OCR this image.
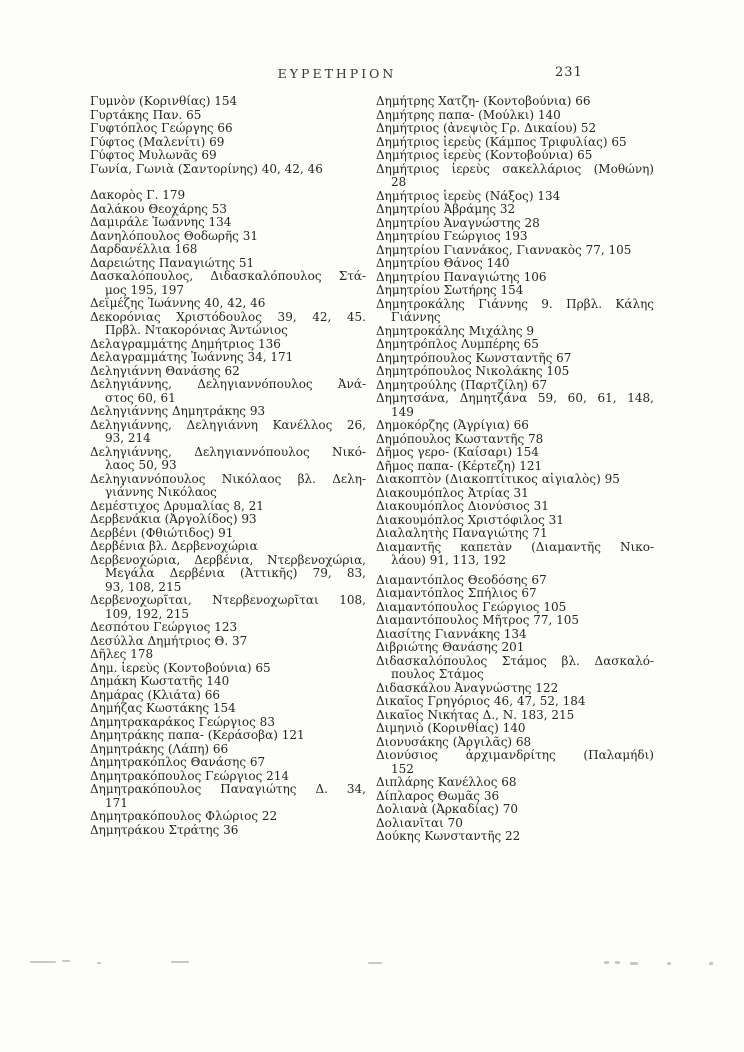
ΕΥΡΕΤΗΡΙΟΝ	231
Γυμνὸν (Κορινθίας) 154
Γυρτάκης Παν. 65
Γυφτόπλος Γεώργης 66
Γύφτος (Μαλενίτι) 69
Γύφτος Μυλωνᾶς 69
Γωνία, Γωνιὰ (Σαντορίνης) 40, 42, 46
Δακορὸς Γ. 179
Δαλάκου Θεοχάρης 53
Δαμιράλε Ἰωάννης 134
Δανηλόπουλος Θοδωρῆς 31
Δαρδανέλλια 168
Δαρειώτης Παναγιώτης 51
Δασκαλόπουλος, Διδασκαλόπουλος Στά-
μος 195, 197
Δεϊμέζης Ἰωάννης 40, 42, 46
Δεκορόνιας Χριστόδουλος 39, 42, 45.
Πρβλ. Ντακορόνιας Ἀντώνιος
Δελαγραμμάτης Δημήτριος 136
Δελαγραμμάτης Ἰωάννης 34, 171
Δεληγιάννη Θανάσης 62
Δεληγιάννης, Δεληγιαννόπουλος Ἀνά-
στος 60, 61
Δεληγιάννης Δημητράκης 93
Δεληγιάννης, Δεληγιάννη Κανέλλος 26,
93, 214
Δεληγιάννης, Δεληγιαννόπουλος Νικό-
λαος 50, 93
Δεληγιαννόπουλος Νικόλαος βλ. Δελη-
γιάννης Νικόλαος
Δεμέστιχος Δρυμαλίας 8, 21
Δερβενάκια (Ἀργολίδος) 93
Δερβένι (Φθιώτιδος) 91
Δερβένια βλ. Δερβενοχώρια
Δερβενοχώρια, Δερβένια, Ντερβενοχώρια,
Μεγάλα Δερβένια (Ἀττικῆς) 79, 83,
93, 108, 215
Δερβενοχωρῖται, Ντερβενοχωρῖται 108,
109, 192, 215
Δεσπότου Γεώργιος 123
Δεσύλλα Δημήτριος Θ. 37
Δῆλες 178
Δημ. ἱερεὺς (Κοντοβούνια) 65
Δημάκη Κωστατῆς 140
Δημάρας (Κλιάτα) 66
Δημήζας Κωστάκης 154
Δημητρακαράκος Γεώργιος 83
Δημητράκης παπα- (Κεράσοβα) 121
Δημητράκης (Λάπη) 66
Δημητρακόπλος Θανάσης 67
Δημητρακόπουλος Γεώργιος 214
Δημητρακόπουλος Παναγιώτης Δ. 34,
171
Δημητρακόπουλος Φλώριος 22
Δημητράκου Στράτης 36
Δημήτρης Χατζη- (Κοντοβούνια) 66
Δημήτρης παπα- (Μούλκι) 140
Δημήτριος (ἀνεψιὸς Γρ. Δικαίου) 52
Δημήτριος ἱερεὺς (Κάμπος Τριφυλίας) 65
Δημήτριος ἱερεὺς (Κοντοβούνια) 65
Δημήτριος ἱερεὺς σακελλάριος (Μοθώνη)
28
Δημήτριος ἱερεὺς (Νάξος) 134
Δημητρίου Ἀβράμης 32
Δημητρίου Ἀναγνώστης 28
Δημητρίου Γεώργιος 193
Δημητρίου Γιαννάκος, Γιαννακὸς 77, 105
Δημητρίου Θάνος 140
Δημητρίου Παναγιώτης 106
Δημητρίου Σωτήρης 154
Δημητροκάλης Γιάννης 9. Πρβλ. Κάλης
Γιάννης
Δημητροκάλης Μιχάλης 9
Δημητρόπλος Λυμπέρης 65
Δημητρόπουλος Κωνσταντῆς 67
Δημητρόπουλος Νικολάκης 105
Δημητρούλης (Παρτζίλη) 67
Δημητσάνα, Δημητζάνα 59, 60, 61, 148,
149
Δημοκόρζης (Ἀγρίγια) 66
Δημόπουλος Κωσταντῆς 78
Δῆμος γερο- (Καίσαρι) 154
Δῆμος παπα- (Κέρτεζη) 121
Διακοπτὸν (Διακοπτίτικος αἰγιαλὸς) 95
Διακουμόπλος Ἀτρίας 31
Διακουμόπλος Διονύσιος 31
Διακουμόπλος Χριστόφιλος 31
Διαλαλητὴς Παναγιώτης 71
Διαμαντῆς καπετὰν (Διαμαντῆς Νικο-
λάου) 91, 113, 192
Διαμαντόπλος Θεοδόσης 67
Διαμαντόπλος Σπήλιος 67
Διαμαντόπουλος Γεώργιος 105
Διαμαντόπουλος Μῆτρος 77, 105
Διασίτης Γιαννάκης 134
Διβριώτης Θανάσης 201
Διδασκαλόπουλος Στάμος βλ. Δασκαλό-
πουλος Στάμος
Διδασκάλου Ἀναγνώστης 122
Δικαῖος Γρηγόριος 46, 47, 52, 184
Δικαῖος Νικήτας Δ., Ν. 183, 215
Διμηνιὸ (Κορινθίας) 140
Διονυσάκης (Ἀργιλᾶς) 68
Διονύσιος ἀρχιμανδρίτης (Παλαμήδι)
152
Διπλάρης Κανέλλος 68
Δίπλαρος Θωμᾶς 36
Δολιανὰ (Ἀρκαδίας) 70
Δολιανῖται 70
Δούκης Κωνσταντῆς 22
